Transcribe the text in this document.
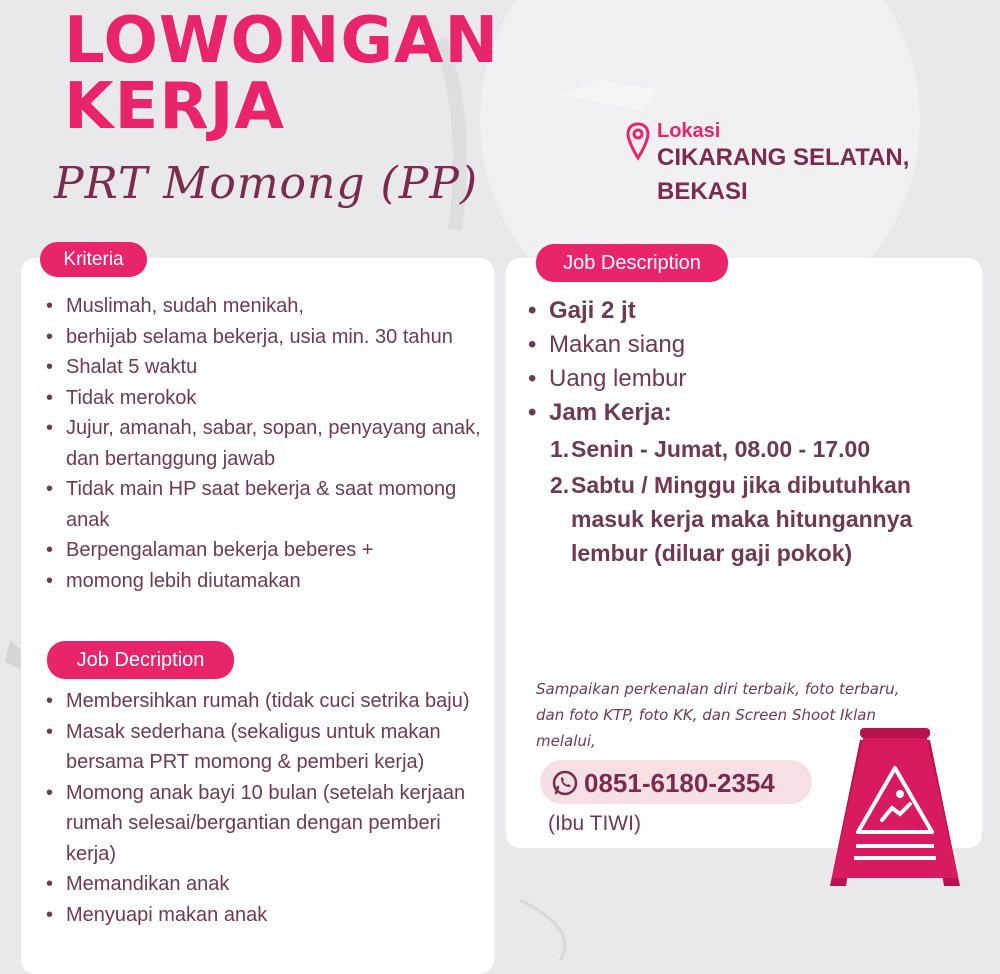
LOWONGAN
KERJA
PRT Momong (PP)
Lokasi
CIKARANG SELATAN,
BEKASI
Kriteria
• Muslimah, sudah menikah,
• berhijab selama bekerja, usia min. 30 tahun
• Shalat 5 waktu
• Tidak merokok
• Jujur, amanah, sabar, sopan, penyayang anak, dan bertanggung jawab
• Tidak main HP saat bekerja & saat momong anak
• Berpengalaman bekerja beberes +
• momong lebih diutamakan
Job Decription
• Membersihkan rumah (tidak cuci setrika baju)
• Masak sederhana (sekaligus untuk makan bersama PRT momong & pemberi kerja)
• Momong anak bayi 10 bulan (setelah kerjaan rumah selesai/bergantian dengan pemberi kerja)
• Memandikan anak
• Menyuapi makan anak
Job Description
• Gaji 2 jt
• Makan siang
• Uang lembur
• Jam Kerja:
1. Senin - Jumat, 08.00 - 17.00
2. Sabtu / Minggu jika dibutuhkan masuk kerja maka hitungannya lembur (diluar gaji pokok)
Sampaikan perkenalan diri terbaik, foto terbaru, dan foto KTP, foto KK, dan Screen Shoot Iklan melalui,
0851-6180-2354
(Ibu TIWI)
